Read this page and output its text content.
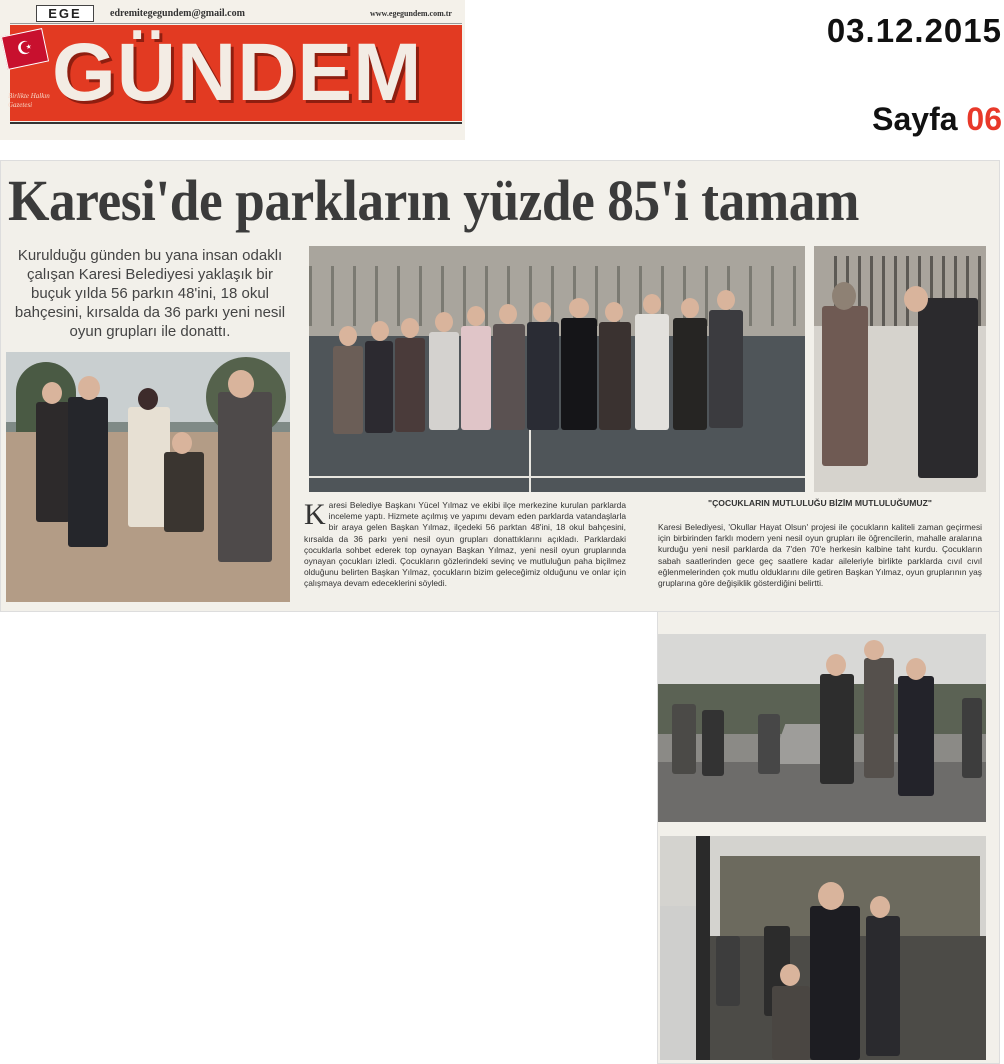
EGE	edremitegegundem@gmail.com	www.egegundem.com.tr
☪ GÜNDEM
Birlikte Halkın Gazetesi
03.12.2015
Sayfa 06
Karesi'de parkların yüzde 85'i tamam

Kurulduğu günden bu yana insan odaklı çalışan Karesi Belediyesi yaklaşık bir buçuk yılda 56 parkın 48'ini, 18 okul bahçesini, kırsalda da 36 parkı yeni nesil oyun grupları ile donattı.

Karesi Belediye Başkanı Yücel Yılmaz ve ekibi ilçe merkezine kurulan parklarda inceleme yaptı. Hizmete açılmış ve yapımı devam eden parklarda vatandaşlarla bir araya gelen Başkan Yılmaz, ilçedeki 56 parktan 48'ini, 18 okul bahçesini, kırsalda da 36 parkı yeni nesil oyun grupları donattıklarını açıkladı. Parklardaki çocuklarla sohbet ederek top oynayan Başkan Yılmaz, yeni nesil oyun gruplarında oynayan çocukları izledi. Çocukların gözlerindeki sevinç ve mutluluğun paha biçilmez olduğunu belirten Başkan Yılmaz, çocukların bizim geleceğimiz olduğunu ve onlar için çalışmaya devam edeceklerini söyledi.
"ÇOCUKLARIN MUTLULUĞU BİZİM MUTLULUĞUMUZ"
Karesi Belediyesi, 'Okullar Hayat Olsun' projesi ile çocukların kaliteli zaman geçirmesi için birbirinden farklı modern yeni nesil oyun grupları ile öğrencilerin, mahalle aralarına kurduğu yeni nesil parklarda da 7'den 70'e herkesin kalbine taht kurdu. Çocukların sabah saatlerinden gece geç saatlere kadar aileleriyle birlikte parklarda cıvıl cıvıl eğlenmelerinden çok mutlu olduklarını dile getiren Başkan Yılmaz, oyun gruplarının yaş gruplarına göre değişiklik gösterdiğini belirtti.
